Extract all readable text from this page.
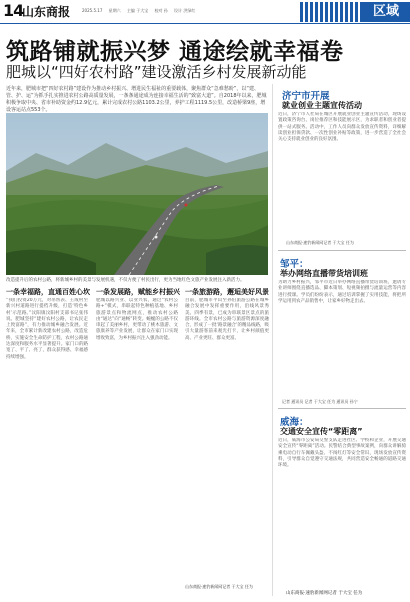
14
山东商报	2025.5.17 星期六 主编 于大宝 校对 孙 设计 洪绿红	区域
筑路铺就振兴梦 通途绘就幸福卷
肥城以“四好农村路”建设激活乡村发展新动能
近年来，肥城市把“四好农村路”建设作为推动乡村振兴、增进民生福祉的重要载体，聚焦群众“急难愁盼”，以“建、管、护、运”为抓手扎实推进农村公路高质量发展，一条条通途成为连接幸福生活的“致富大道”。自2018年以来，肥城积极争取中央、省市补助资金约12.9亿元，累计完成农村公路1103.2公里，养护工程1119.5公里，改造桥梁9座，增设客运站点553个。
改造提升后的农村公路，将新城乡村的美景与发展机遇，不仅方便了村民出行，更为当地红色文旅产业发展注入新活力。
一条幸福路，直通百姓心坎
“我们投资20万元，对吊帮表、王成村至新兴村道路进行提档升级，打造‘特色乡村’示范路。”汶阳镇汶阳村支部书记张伟说。肥城坚持“建好农村公路，让农民走上致富路”，有力推动城乡融合发展。近年来，全市累计新改建农村公路，改造危桥，实施安全生命防护工程，农村公路通达深度和服务水平显著提升。家门口的路宽了、平了、亮了，群众获得感、幸福感持续增强。
一条发展路，赋能乡村振兴
肥城以路兴业、以业兴农，通过“农村公路+”模式，串联起特色种植基地、乡村旅游景点和物流网点，推动农村公路由“通达”向“通畅”转变。蜿蜒的公路不仅串起了美丽乡村，更带动了桃木旅游、文旅康养等产业发展，让群众在家门口实现增收致富，为乡村振兴注入强劲动能。
一条旅游路，邂逅美好风景
目前，肥城市平山至孙伯旅游公路在城乡融合发展中发挥重要作用，沿线风景秀美、四季有景，已成为串联景区景点的旅游环线。全市农村公路与旅游资源深度融合，形成了一批‘路景融合’的精品线路，吸引大量游客前来观光打卡，让乡村颜值更高、产业更旺、群众更富。
山东商报·速豹新闻网记者 于大宝 任为
济宁市开展
就业创业主题宣传活动
近日，济宁市人社局在城区开展就业创业主题宣传活动，现场设置政策咨询台、岗位推荐区和技能展示区，为求职者和创业者提供一站式服务。活动中，工作人员向群众发放宣传资料，详细解读创业担保贷款、一次性创业补贴等政策，进一步营造了全社会关心支持就业创业的良好氛围。
山东商报·速豹新闻网记者 于大宝 任为
邹平：
举办网络直播带货培训班
为助力乡村振兴，邹平市近日举办网络直播带货培训班，邀请专业讲师围绕直播选品、脚本策划、短视频拍摄与流量运营等内容进行授课。学员们纷纷表示，通过培训掌握了实用技能，将把所学运用到农产品销售中，让家乡好物走出去。
记者 通讯员 记者 于大宝 任为 通讯员 孙宁
威海：
交通安全宣传“零距离”
近日，威海市公安局交警支队走进社区、学校和企业，开展交通安全宣传“零距离”活动。民警结合典型事故案例，向群众讲解骑乘电动自行车佩戴头盔、不闯红灯等安全常识，现场发放宣传资料，引导群众自觉遵守交通法规，共同营造安全畅通的道路交通环境。
山东商报·速豹新闻网记者 于大宝 任为
